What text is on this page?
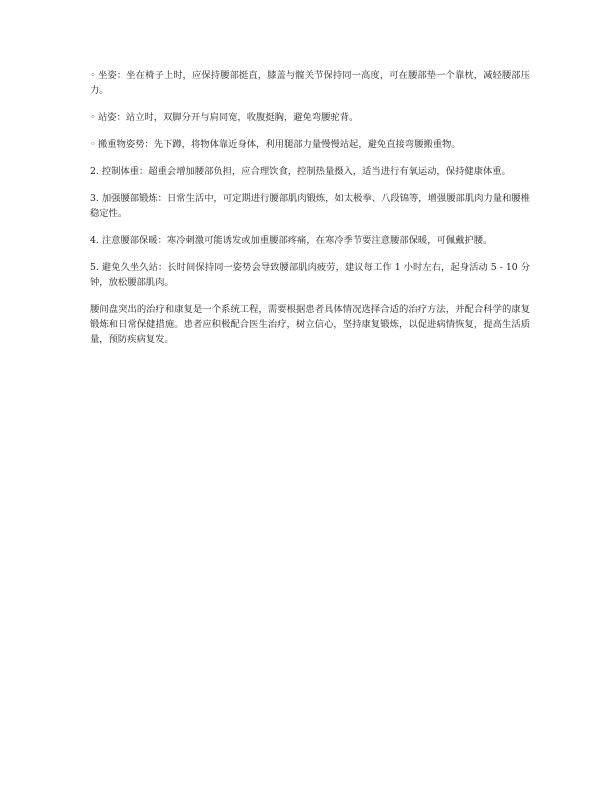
◦ 坐姿：坐在椅子上时，应保持腰部挺直，膝盖与髋关节保持同一高度，可在腰部垫一个靠枕，减轻腰部压力。

◦ 站姿：站立时，双脚分开与肩同宽，收腹挺胸，避免弯腰驼背。

◦ 搬重物姿势：先下蹲，将物体靠近身体，利用腿部力量慢慢站起，避免直接弯腰搬重物。

2. 控制体重：超重会增加腰部负担，应合理饮食，控制热量摄入，适当进行有氧运动，保持健康体重。

3. 加强腰部锻炼：日常生活中，可定期进行腰部肌肉锻炼，如太极拳、八段锦等，增强腰部肌肉力量和腰椎稳定性。

4. 注意腰部保暖：寒冷刺激可能诱发或加重腰部疼痛，在寒冷季节要注意腰部保暖，可佩戴护腰。

5. 避免久坐久站：长时间保持同一姿势会导致腰部肌肉疲劳，建议每工作 1 小时左右，起身活动 5 - 10 分钟，放松腰部肌肉。

腰间盘突出的治疗和康复是一个系统工程，需要根据患者具体情况选择合适的治疗方法，并配合科学的康复锻炼和日常保健措施。患者应积极配合医生治疗，树立信心，坚持康复锻炼，以促进病情恢复，提高生活质量，预防疾病复发。
